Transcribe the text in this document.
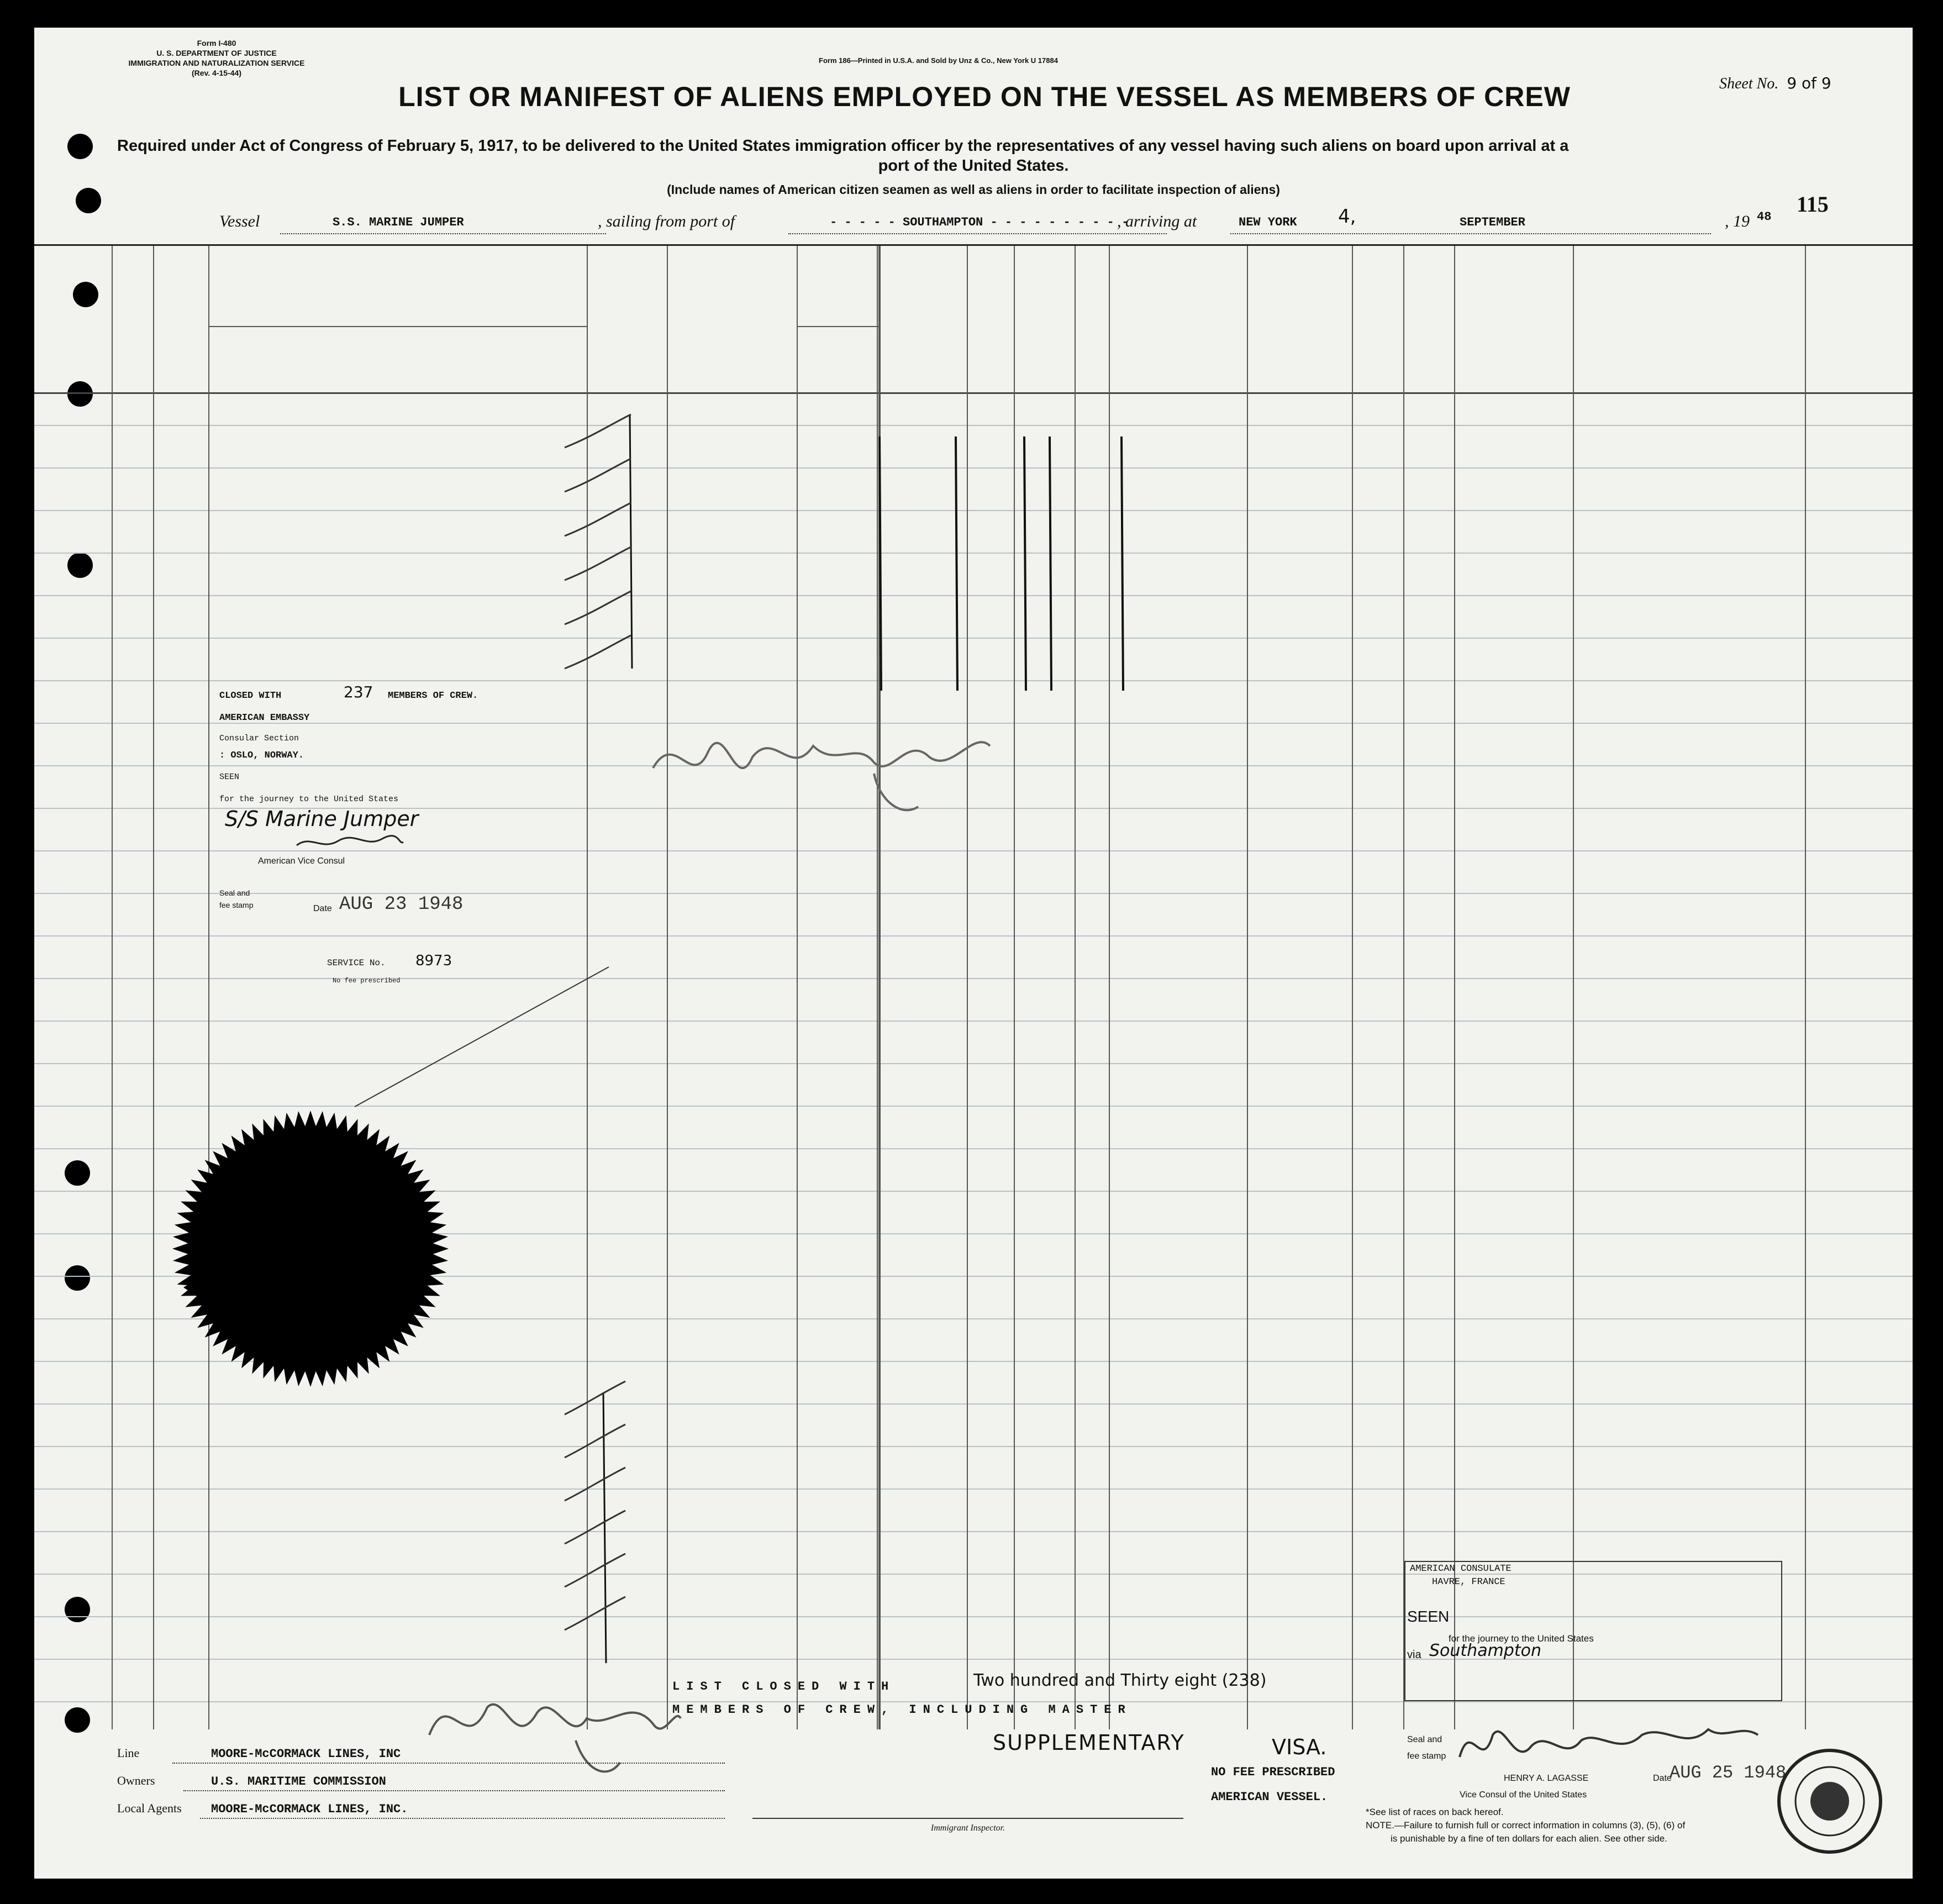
Form I-480
U. S. DEPARTMENT OF JUSTICE
IMMIGRATION AND NATURALIZATION SERVICE
(Rev. 4-15-44)
Form 186—Printed in U.S.A. and Sold by Unz & Co., New York U 17884
LIST OR MANIFEST OF ALIENS EMPLOYED ON THE VESSEL AS MEMBERS OF CREW	Sheet No. 9 of 9
Required under Act of Congress of February 5, 1917, to be delivered to the United States immigration officer by the representatives of any vessel having such aliens on board upon arrival at a
port of the United States.
(Include names of American citizen seamen as well as aliens in order to facilitate inspection of aliens)
115
Vessel	S.S. MARINE JUMPER	, sailing from port of	- - - - - SOUTHAMPTON - - - - - - - - - -
, arriving at	NEW YORK 4,	SEPTEMBER	, 19 48
CLOSED WITH	237 MEMBERS OF CREW.
AMERICAN EMBASSY
Consular Section
: OSLO, NORWAY.
SEEN
for the journey to the United States
S/S Marine Jumper
American Vice Consul
Seal and
fee stamp	Date AUG 23 1948
SERVICE No. 8973
No fee prescribed
LIST CLOSED WITH	Two hundred and Thirty eight (238)
MEMBERS OF CREW, INCLUDING MASTER
SUPPLEMENTARY	VISA.
NO FEE PRESCRIBED
AMERICAN VESSEL.
AMERICAN CONSULATE
HAVRE, FRANCE
SEEN
for the journey to the United States
via Southampton
Seal and
fee stamp
HENRY A. LAGASSE	Date
AUG 25 1948
Vice Consul of the United States
Line	MOORE-McCORMACK LINES, INC
Owners	U.S. MARITIME COMMISSION
Local Agents MOORE-McCORMACK LINES, INC.
Immigrant Inspector.
*See list of races on back hereof.
NOTE.—Failure to furnish full or correct information in columns (3), (5), (6) of
is punishable by a fine of ten dollars for each alien. See other side.
